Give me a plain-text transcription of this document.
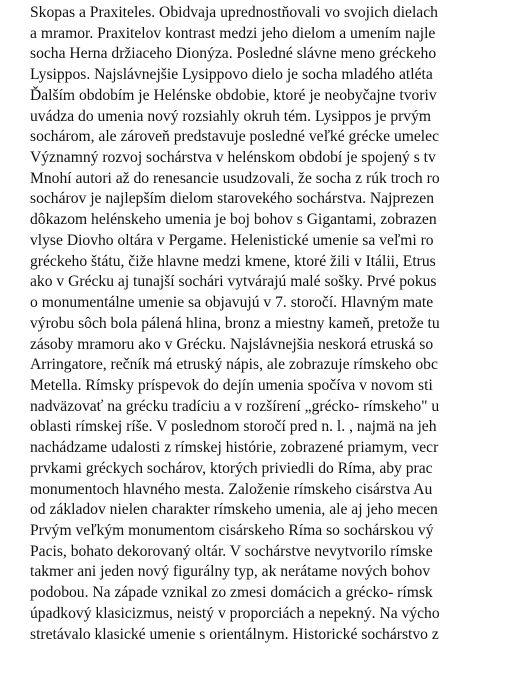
Skopas a Praxiteles. Obidvaja uprednostňovali vo svojich dielach
a mramor. Praxitelov kontrast medzi jeho dielom a umením najle
socha Herna držiaceho Dionýza. Posledné slávne meno gréckeho
Lysippos. Najslávnejšie Lysippovo dielo je socha mladého atléta
Ďalším obdobím je Helénske obdobie, ktoré je neobyčajne tvoriv
uvádza do umenia nový rozsiahly okruh tém. Lysippos je prvým
sochárom, ale zároveň predstavuje posledné veľké grécke umelec
Významný rozvoj sochárstva v helénskom období je spojený s tv
Mnohí autori až do renesancie usudzovali, že socha z rúk troch ro
sochárov je najlepším dielom starovekého sochárstva. Najprezen
dôkazom helénskeho umenia je boj bohov s Gigantami, zobrazen
vlyse Diovho oltára v Pergame. Helenistické umenie sa veľmi ro
gréckeho štátu, čiže hlavne medzi kmene, ktoré žili v Itálii, Etrus
ako v Grécku aj tunajší sochári vytvárajú malé sošky. Prvé pokus
o monumentálne umenie sa objavujú v 7. storočí. Hlavným mate
výrobu sôch bola pálená hlina, bronz a miestny kameň, pretože tu
zásoby mramoru ako v Grécku. Najslávnejšia neskorá etruská so
Arringatore, rečník má etruský nápis, ale zobrazuje rímskeho obc
Metella. Rímsky príspevok do dejín umenia spočíva v novom sti
nadväzovať na grécku tradíciu a v rozšírení „grécko- rímskeho" u
oblasti rímskej ríše. V poslednom storočí pred n. l. , najmä na jeh
nachádzame udalosti z rímskej histórie, zobrazené priamym, vecr
prvkami gréckych sochárov, ktorých priviedli do Ríma, aby prac
monumentoch hlavného mesta. Založenie rímskeho cisárstva Au
od základov nielen charakter rímskeho umenia, ale aj jeho mecen
Prvým veľkým monumentom cisárskeho Ríma so sochárskou vý
Pacis, bohato dekorovaný oltár. V sochárstve nevytvorilo rímske
takmer ani jeden nový figurálny typ, ak nerátame nových bohov
podobou. Na západe vznikal zo zmesi domácich a grécko- rímsk
úpadkový klasicizmus, neistý v proporciách a nepekný. Na výcho
stretávalo klasické umenie s orientálnym. Historické sochárstvo z
